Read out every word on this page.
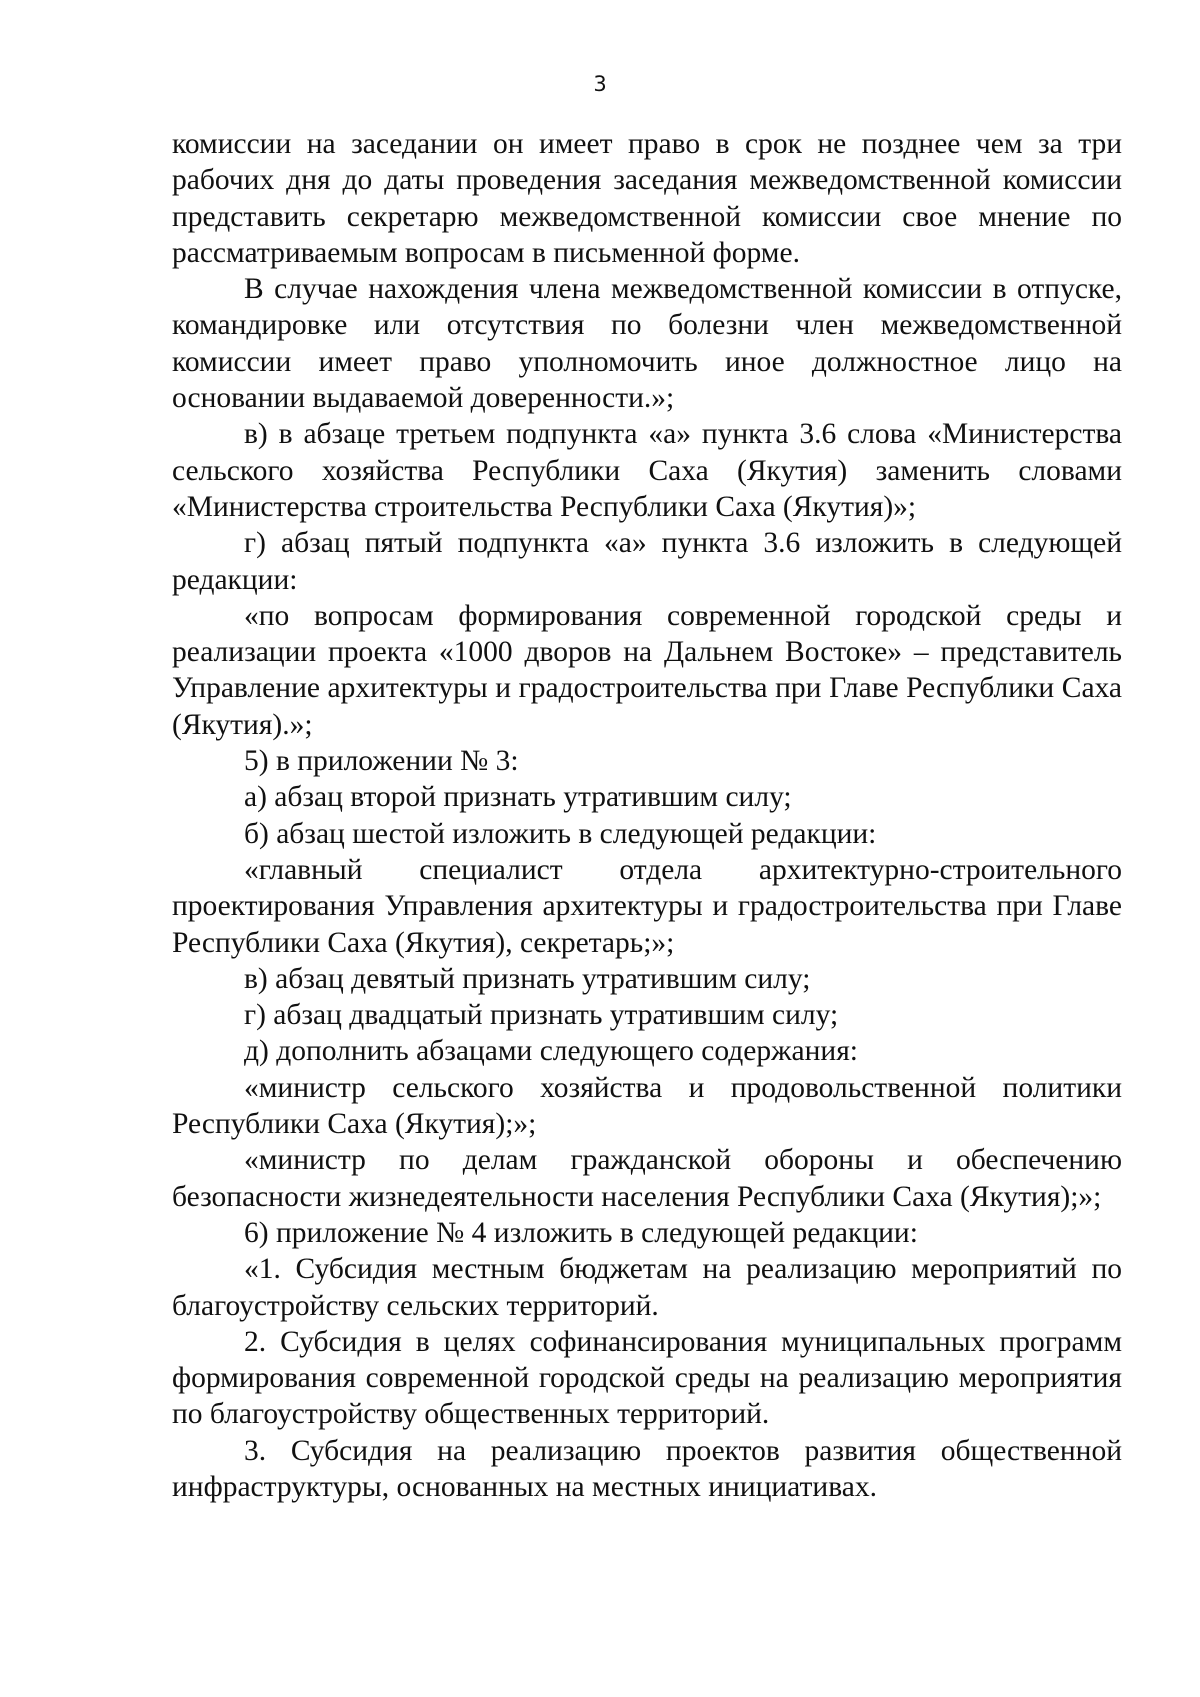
3

комиссии на заседании он имеет право в срок не позднее чем за три рабочих дня до даты проведения заседания межведомственной комиссии представить секретарю межведомственной комиссии свое мнение по рассматриваемым вопросам в письменной форме.

В случае нахождения члена межведомственной комиссии в отпуске, командировке или отсутствия по болезни член межведомственной комиссии имеет право уполномочить иное должностное лицо на основании выдаваемой доверенности.»;

в) в абзаце третьем подпункта «а» пункта 3.6 слова «Министерства сельского хозяйства Республики Саха (Якутия) заменить словами «Министерства строительства Республики Саха (Якутия)»;

г) абзац пятый подпункта «а» пункта 3.6 изложить в следующей редакции:

«по вопросам формирования современной городской среды и реализации проекта «1000 дворов на Дальнем Востоке» – представитель Управление архитектуры и градостроительства при Главе Республики Саха (Якутия).»;

5) в приложении № 3:

а) абзац второй признать утратившим силу;

б) абзац шестой изложить в следующей редакции:

«главный специалист отдела архитектурно-строительного проектирования Управления архитектуры и градостроительства при Главе Республики Саха (Якутия), секретарь;»;

в) абзац девятый признать утратившим силу;

г) абзац двадцатый признать утратившим силу;

д) дополнить абзацами следующего содержания:

«министр сельского хозяйства и продовольственной политики Республики Саха (Якутия);»;

«министр по делам гражданской обороны и обеспечению безопасности жизнедеятельности населения Республики Саха (Якутия);»;

6) приложение № 4 изложить в следующей редакции:

«1. Субсидия местным бюджетам на реализацию мероприятий по благоустройству сельских территорий.

2. Субсидия в целях софинансирования муниципальных программ формирования современной городской среды на реализацию мероприятия по благоустройству общественных территорий.

3. Субсидия на реализацию проектов развития общественной инфраструктуры, основанных на местных инициативах.
